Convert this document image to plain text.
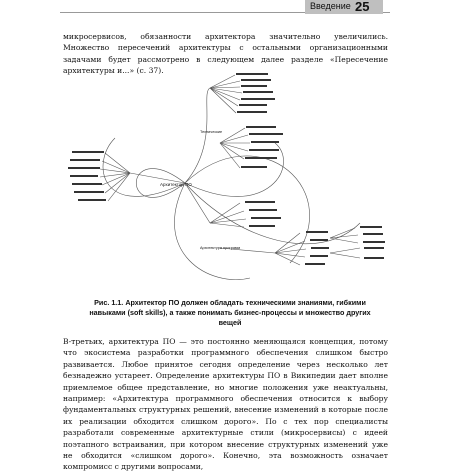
Введение 25

микросервисов, обязанности архитектора значительно увеличились. Множество пересечений архитектуры с остальными организационными задачами будет рассмотрено в следующем далее разделе «Пересечение архитектуры и...» (с. 37).

Архитектор ПО
Технические
Архитектура программ
Рис. 1.1. Архитектор ПО должен обладать техническими знаниями, гибкими навыками (soft skills), а также понимать бизнес-процессы и множество других вещей

В-третьих, архитектура ПО — это постоянно меняющаяся концепция, потому что экосистема разработки программного обеспечения слишком быстро развивается. Любое принятое сегодня определение через несколько лет безнадежно устареет. Определение архитектуры ПО в Википедии дает вполне приемлемое общее представление, но многие положения уже неактуальны, например: «Архитектура программного обеспечения относится к выбору фундаментальных структурных решений, внесение изменений в которые после их реализации обходится слишком дорого». По с тех пор специалисты разработали современные архитектурные стили (микросервисы) с идеей поэтапного встраивания, при котором внесение структурных изменений уже не обходится «слишком дорого». Конечно, эта возможность означает компромисс с другими вопросами,
